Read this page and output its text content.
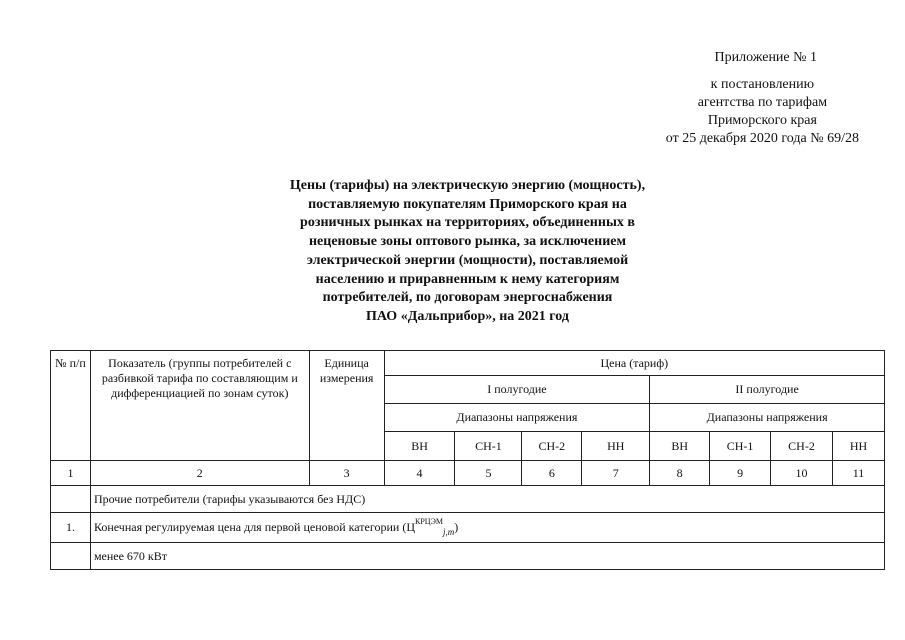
Приложение № 1
к постановлению
агентства по тарифам
Приморского края
от 25 декабря 2020 года № 69/28
Цены (тарифы) на электрическую энергию (мощность),
поставляемую покупателям Приморского края на
розничных рынках на территориях, объединенных в
неценовые зоны оптового рынка, за исключением
электрической энергии (мощности), поставляемой
населению и приравненным к нему категориям
потребителей, по договорам энергоснабжения
ПАО «Дальприбор», на 2021 год
№ п/п	Показатель (группы потребителей с разбивкой тарифа по составляющим и дифференциацией по зонам суток)	Единица измерения	Цена (тариф)							
			I полугодие				II полугодие			
			Диапазоны напряжения				Диапазоны напряжения			
			ВН	СН-1	СН-2	НН	ВН	СН-1	СН-2	НН
1	2	3	4	5	6	7	8	9	10	11
	Прочие потребители (тарифы указываются без НДС)									
1.	Конечная регулируемая цена для первой ценовой категории $(Ц^{КРЦЭМ}_{j,m})$									
	менее 670 кВт									
